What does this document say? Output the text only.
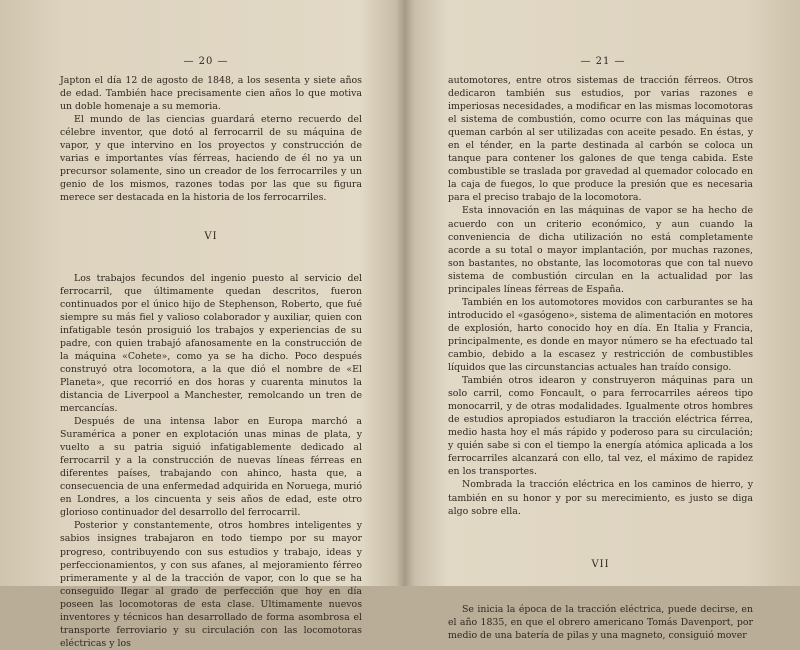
— 20 —

Japton el día 12 de agosto de 1848, a los sesenta y siete años de edad. También hace precisamente cien años lo que motiva un doble homenaje a su memoria.

El mundo de las ciencias guardará eterno recuerdo del célebre inventor, que dotó al ferrocarril de su máquina de vapor, y que intervino en los proyectos y construcción de varias e importantes vías férreas, haciendo de él no ya un precursor solamente, sino un creador de los ferrocarriles y un genio de los mismos, razones todas por las que su figura merece ser destacada en la historia de los ferrocarriles.

VI

Los trabajos fecundos del ingenio puesto al servicio del ferrocarril, que últimamente quedan descritos, fueron continuados por el único hijo de Stephenson, Roberto, que fué siempre su más fiel y valioso colaborador y auxiliar, quien con infatigable tesón prosiguió los trabajos y experiencias de su padre, con quien trabajó afanosamente en la construcción de la máquina «Cohete», como ya se ha dicho. Poco después construyó otra locomotora, a la que dió el nombre de «El Planeta», que recorrió en dos horas y cuarenta minutos la distancia de Liverpool a Manchester, remolcando un tren de mercancías.

Después de una intensa labor en Europa marchó a Suramérica a poner en explotación unas minas de plata, y vuelto a su patria siguió infatigablemente dedicado al ferrocarril y a la construcción de nuevas líneas férreas en diferentes países, trabajando con ahinco, hasta que, a consecuencia de una enfermedad adquirida en Noruega, murió en Londres, a los cincuenta y seis años de edad, este otro glorioso continuador del desarrollo del ferrocarril.

Posterior y constantemente, otros hombres inteligentes y sabios insignes trabajaron en todo tiempo por su mayor progreso, contribuyendo con sus estudios y trabajo, ideas y perfeccionamientos, y con sus afanes, al mejoramiento férreo primeramente y al de la tracción de vapor, con lo que se ha conseguido llegar al grado de perfección que hoy en día poseen las locomotoras de esta clase. Ultimamente nuevos inventores y técnicos han desarrollado de forma asombrosa el transporte ferroviario y su circulación con las locomotoras eléctricas y los

— 21 —

automotores, entre otros sistemas de tracción férreos. Otros dedicaron también sus estudios, por varias razones e imperiosas necesidades, a modificar en las mismas locomotoras el sistema de combustión, como ocurre con las máquinas que queman carbón al ser utilizadas con aceite pesado. En éstas, y en el ténder, en la parte destinada al carbón se coloca un tanque para contener los galones de que tenga cabida. Este combustible se traslada por gravedad al quemador colocado en la caja de fuegos, lo que produce la presión que es necesaria para el preciso trabajo de la locomotora.

Esta innovación en las máquinas de vapor se ha hecho de acuerdo con un criterio económico, y aun cuando la conveniencia de dicha utilización no está completamente acorde a su total o mayor implantación, por muchas razones, son bastantes, no obstante, las locomotoras que con tal nuevo sistema de combustión circulan en la actualidad por las principales líneas férreas de España.

También en los automotores movidos con carburantes se ha introducido el «gasógeno», sistema de alimentación en motores de explosión, harto conocido hoy en día. En Italia y Francia, principalmente, es donde en mayor número se ha efectuado tal cambio, debido a la escasez y restricción de combustibles líquidos que las circunstancias actuales han traído consigo.

También otros idearon y construyeron máquinas para un solo carril, como Foncault, o para ferrocarriles aéreos tipo monocarril, y de otras modalidades. Igualmente otros hombres de estudios apropiados estudiaron la tracción eléctrica férrea, medio hasta hoy el más rápido y poderoso para su circulación; y quién sabe si con el tiempo la energía atómica aplicada a los ferrocarriles alcanzará con ello, tal vez, el máximo de rapidez en los transportes.

Nombrada la tracción eléctrica en los caminos de hierro, y también en su honor y por su merecimiento, es justo se diga algo sobre ella.

VII

Se inicia la época de la tracción eléctrica, puede decirse, en el año 1835, en que el obrero americano Tomás Davenport, por medio de una batería de pilas y una magneto, consiguió mover
